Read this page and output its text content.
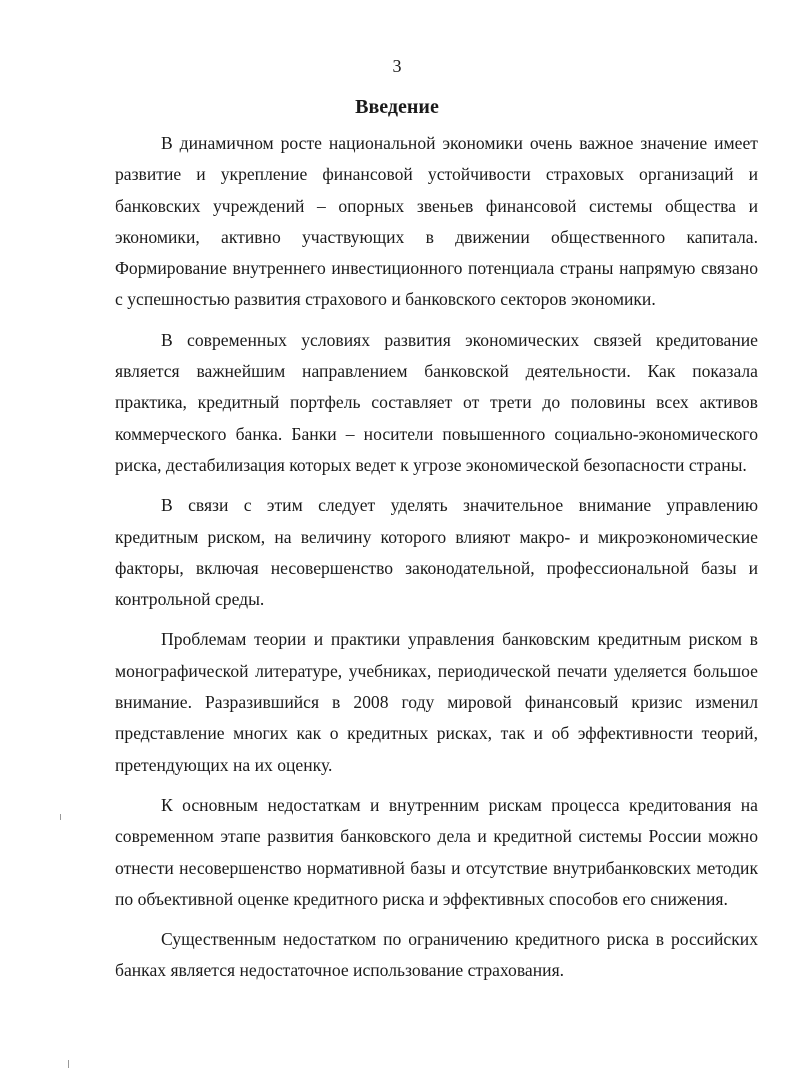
3
Введение

В динамичном росте национальной экономики очень важное значение имеет развитие и укрепление финансовой устойчивости страховых организаций и банковских учреждений – опорных звеньев финансовой системы общества и экономики, активно участвующих в движении общественного капитала. Формирование внутреннего инвестиционного потенциала страны напрямую связано с успешностью развития страхового и банковского секторов экономики.

В современных условиях развития экономических связей кредитование является важнейшим направлением банковской деятельности. Как показала практика, кредитный портфель составляет от трети до половины всех активов коммерческого банка. Банки – носители повышенного социально-экономического риска, дестабилизация которых ведет к угрозе экономической безопасности страны.

В связи с этим следует уделять значительное внимание управлению кредитным риском, на величину которого влияют макро- и микроэкономические факторы, включая несовершенство законодательной, профессиональной базы и контрольной среды.

Проблемам теории и практики управления банковским кредитным риском в монографической литературе, учебниках, периодической печати уделяется большое внимание. Разразившийся в 2008 году мировой финансовый кризис изменил представление многих как о кредитных рисках, так и об эффективности теорий, претендующих на их оценку.

К основным недостаткам и внутренним рискам процесса кредитования на современном этапе развития банковского дела и кредитной системы России можно отнести несовершенство нормативной базы и отсутствие внутрибанковских методик по объективной оценке кредитного риска и эффективных способов его снижения.

Существенным недостатком по ограничению кредитного риска в российских банках является недостаточное использование страхования.
